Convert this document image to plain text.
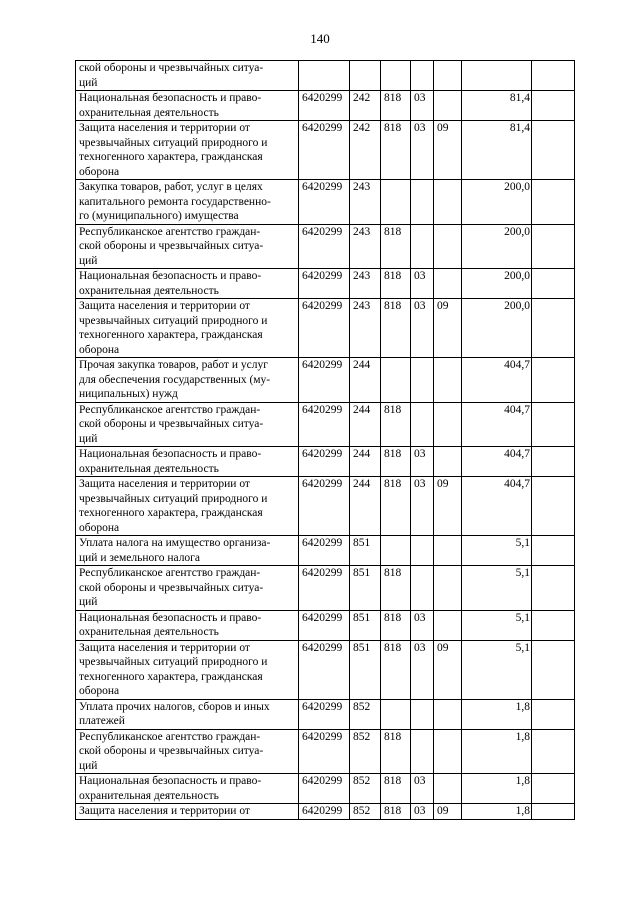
140
ской обороны и чрезвычайных ситуа-
ций							

Национальная безопасность и право-
охранительная деятельность	6420299	242	818	03		81,4	

Защита населения и территории от
чрезвычайных ситуаций природного и
техногенного характера, гражданская
оборона	6420299	242	818	03	09	81,4	

Закупка товаров, работ, услуг в целях
капитального ремонта государственно-
го (муниципального) имущества	6420299	243				200,0	

Республиканское агентство граждан-
ской обороны и чрезвычайных ситуа-
ций	6420299	243	818			200,0	

Национальная безопасность и право-
охранительная деятельность	6420299	243	818	03		200,0	

Защита населения и территории от
чрезвычайных ситуаций природного и
техногенного характера, гражданская
оборона	6420299	243	818	03	09	200,0	

Прочая закупка товаров, работ и услуг
для обеспечения государственных (му-
ниципальных) нужд	6420299	244				404,7	

Республиканское агентство граждан-
ской обороны и чрезвычайных ситуа-
ций	6420299	244	818			404,7	

Национальная безопасность и право-
охранительная деятельность	6420299	244	818	03		404,7	

Защита населения и территории от
чрезвычайных ситуаций природного и
техногенного характера, гражданская
оборона	6420299	244	818	03	09	404,7	

Уплата налога на имущество организа-
ций и земельного налога	6420299	851				5,1	

Республиканское агентство граждан-
ской обороны и чрезвычайных ситуа-
ций	6420299	851	818			5,1	

Национальная безопасность и право-
охранительная деятельность	6420299	851	818	03		5,1	

Защита населения и территории от
чрезвычайных ситуаций природного и
техногенного характера, гражданская
оборона	6420299	851	818	03	09	5,1	

Уплата прочих налогов, сборов и иных
платежей	6420299	852				1,8	

Республиканское агентство граждан-
ской обороны и чрезвычайных ситуа-
ций	6420299	852	818			1,8	

Национальная безопасность и право-
охранительная деятельность	6420299	852	818	03		1,8	

Защита населения и территории от	6420299	852	818	03	09	1,8	
